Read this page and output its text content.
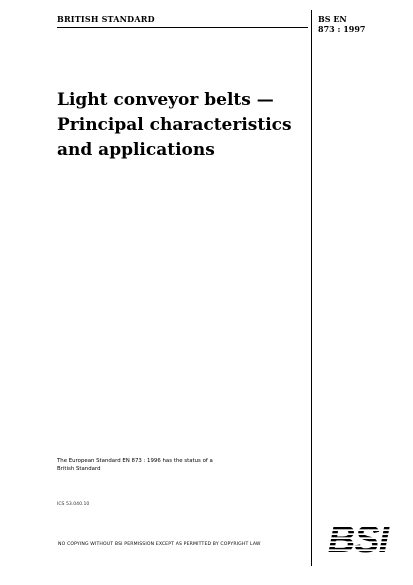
BRITISH STANDARD	BS EN
873 : 1997
Light conveyor belts —
Principal characteristics
and applications
The European Standard EN 873 : 1996 has the status of a
British Standard
ICS 53.040.10
NO COPYING WITHOUT BSI PERMISSION EXCEPT AS PERMITTED BY COPYRIGHT LAW
